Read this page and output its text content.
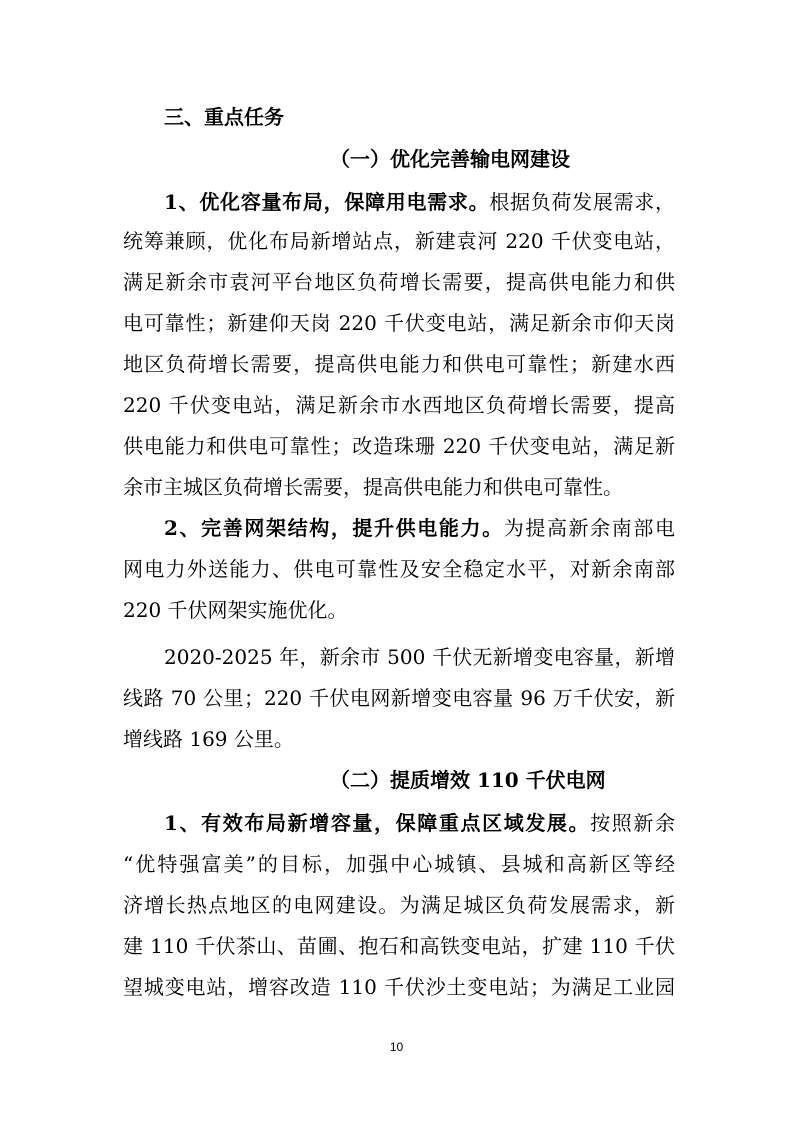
三、重点任务
（一）优化完善输电网建设
1、优化容量布局，保障用电需求。根据负荷发展需求，
统筹兼顾，优化布局新增站点，新建袁河 220 千伏变电站，
满足新余市袁河平台地区负荷增长需要，提高供电能力和供
电可靠性；新建仰天岗 220 千伏变电站，满足新余市仰天岗
地区负荷增长需要，提高供电能力和供电可靠性；新建水西
220 千伏变电站，满足新余市水西地区负荷增长需要，提高
供电能力和供电可靠性；改造珠珊 220 千伏变电站，满足新
余市主城区负荷增长需要，提高供电能力和供电可靠性。
2、完善网架结构，提升供电能力。为提高新余南部电
网电力外送能力、供电可靠性及安全稳定水平，对新余南部
220 千伏网架实施优化。
2020-2025 年，新余市 500 千伏无新增变电容量，新增
线路 70 公里；220 千伏电网新增变电容量 96 万千伏安，新
增线路 169 公里。
（二）提质增效 110 千伏电网
1、有效布局新增容量，保障重点区域发展。按照新余
“优特强富美”的目标，加强中心城镇、县城和高新区等经
济增长热点地区的电网建设。为满足城区负荷发展需求，新
建 110 千伏茶山、苗圃、抱石和高铁变电站，扩建 110 千伏
望城变电站，增容改造 110 千伏沙土变电站；为满足工业园
10
